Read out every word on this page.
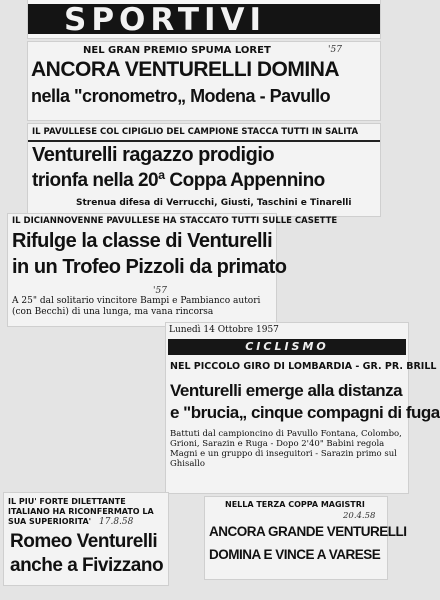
SPORTIVI
NEL GRAN PREMIO SPUMA LORET	'57
ANCORA VENTURELLI DOMINA
nella "cronometro„ Modena - Pavullo
IL PAVULLESE COL CIPIGLIO DEL CAMPIONE STACCA TUTTI IN SALITA
Venturelli ragazzo prodigio
trionfa nella 20ª Coppa Appennino
Strenua difesa di Verrucchi, Giusti, Taschini e Tinarelli
IL DICIANNOVENNE PAVULLESE HA STACCATO TUTTI SULLE CASETTE
Rifulge la classe di Venturelli
in un Trofeo Pizzoli da primato
'57
A 25" dal solitario vincitore Bampi e Pambianco autori (con Becchi) di una lunga, ma vana rincorsa
Lunedì 14 Ottobre 1957
CICLISMO
NEL PICCOLO GIRO DI LOMBARDIA - GR. PR. BRILL
Venturelli emerge alla distanza
e "brucia„ cinque compagni di fuga
Battuti dal campioncino di Pavullo Fontana, Colombo, Grioni, Sarazin e Ruga - Dopo 2'40" Babini regola Magni e un gruppo di inseguitori - Sarazin primo sul Ghisallo
IL PIU' FORTE DILETTANTE ITALIANO HA RICONFERMATO LA SUA SUPERIORITA' 17.8.58
Romeo Venturelli
anche a Fivizzano
NELLA TERZA COPPA MAGISTRI
20.4.58
ANCORA GRANDE VENTURELLI
DOMINA E VINCE A VARESE
